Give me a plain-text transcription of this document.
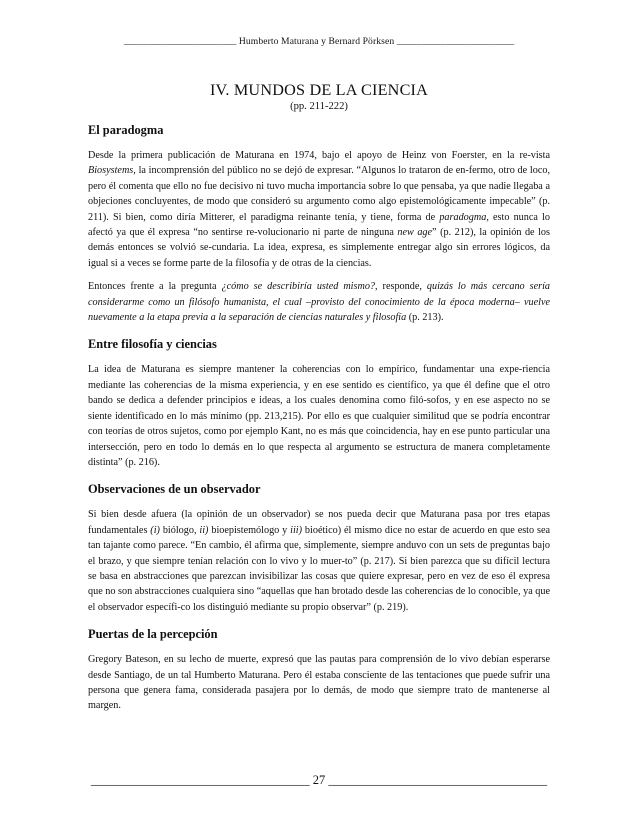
_______________________ Humberto Maturana y Bernard Pörksen ________________________
IV. MUNDOS DE LA CIENCIA
(pp. 211-222)
El paradogma

Desde la primera publicación de Maturana en 1974, bajo el apoyo de Heinz von Foerster, en la re-vista Biosystems, la incomprensión del público no se dejó de expresar. “Algunos lo trataron de en-fermo, otro de loco, pero él comenta que ello no fue decisivo ni tuvo mucha importancia sobre lo que pensaba, ya que nadie llegaba a objeciones concluyentes, de modo que consideró su argumento como algo epistemológicamente impecable” (p. 211). Si bien, como diría Mitterer, el paradigma reinante tenía, y tiene, forma de paradogma, esto nunca lo afectó ya que él expresa “no sentirse re-volucionario ni parte de ninguna new age” (p. 212), la opinión de los demás entonces se volvió se-cundaria. La idea, expresa, es simplemente entregar algo sin errores lógicos, da igual si a veces se forme parte de la filosofía y de otras de la ciencias.

Entonces frente a la pregunta ¿cómo se describiría usted mismo?, responde, quizás lo más cercano sería considerarme como un filósofo humanista, el cual –provisto del conocimiento de la época moderna– vuelve nuevamente a la etapa previa a la separación de ciencias naturales y filosofía (p. 213).

Entre filosofía y ciencias

La idea de Maturana es siempre mantener la coherencias con lo empírico, fundamentar una expe-riencia mediante las coherencias de la misma experiencia, y en ese sentido es científico, ya que él define que el otro bando se dedica a defender principios e ideas, a los cuales denomina como filó-sofos, y en ese aspecto no se siente identificado en lo más mínimo (pp. 213,215). Por ello es que cualquier similitud que se podría encontrar con teorías de otros sujetos, como por ejemplo Kant, no es más que coincidencia, hay en ese punto particular una intersección, pero en todo lo demás en lo que respecta al argumento se estructura de manera completamente distinta” (p. 216).

Observaciones de un observador

Si bien desde afuera (la opinión de un observador) se nos pueda decir que Maturana pasa por tres etapas fundamentales (i) biólogo, ii) bioepistemólogo y iii) bioético) él mismo dice no estar de acuerdo en que esto sea tan tajante como parece. “En cambio, él afirma que, simplemente, siempre anduvo con un sets de preguntas bajo el brazo, y que siempre tenían relación con lo vivo y lo muer-to” (p. 217). Si bien parezca que su difícil lectura se basa en abstracciones que parezcan invisibilizar las cosas que quiere expresar, pero en vez de eso él expresa que no son abstracciones cualquiera sino “aquellas que han brotado desde las coherencias de lo conocible, ya que el observador específi-co los distinguió mediante su propio observar” (p. 219).

Puertas de la percepción

Gregory Bateson, en su lecho de muerte, expresó que las pautas para comprensión de lo vivo debían esperarse desde Santiago, de un tal Humberto Maturana. Pero él estaba consciente de las tentaciones que puede sufrir una persona que genera fama, considerada pasajera por lo demás, de modo que siempre trato de mantenerse al margen.

___________________________________ 27 ___________________________________
